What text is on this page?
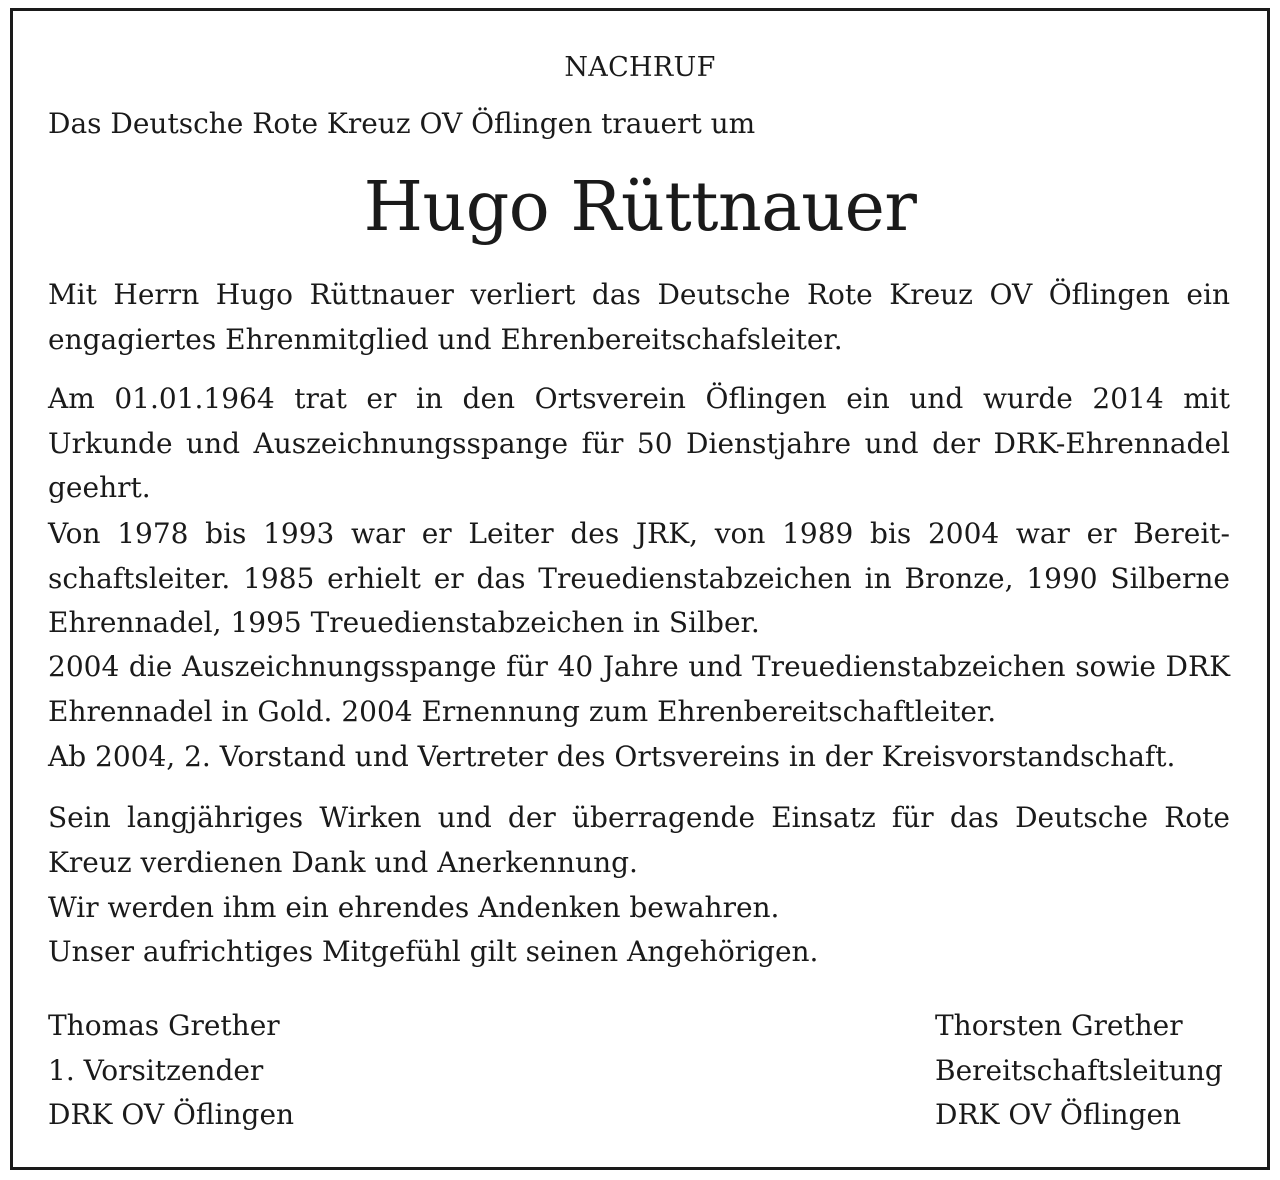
NACHRUF
Das Deutsche Rote Kreuz OV Öflingen trauert um
Hugo Rüttnauer

Mit Herrn Hugo Rüttnauer verliert das Deutsche Rote Kreuz OV Öflingen ein engagiertes Ehrenmitglied und Ehrenbereitschafsleiter.

Am 01.01.1964 trat er in den Ortsverein Öflingen ein und wurde 2014 mit Urkunde und Auszeichnungsspange für 50 Dienstjahre und der DRK-Ehrennadel geehrt.

Von 1978 bis 1993 war er Leiter des JRK, von 1989 bis 2004 war er Bereitschaftsleiter. 1985 erhielt er das Treuedienstabzeichen in Bronze, 1990 Silberne Ehrennadel, 1995 Treuedienstabzeichen in Silber.

2004 die Auszeichnungsspange für 40 Jahre und Treuedienstabzeichen sowie DRK Ehrennadel in Gold. 2004 Ernennung zum Ehrenbereitschaftleiter.

Ab 2004, 2. Vorstand und Vertreter des Ortsvereins in der Kreisvorstandschaft.

Sein langjähriges Wirken und der überragende Einsatz für das Deutsche Rote Kreuz verdienen Dank und Anerkennung.

Wir werden ihm ein ehrendes Andenken bewahren.

Unser aufrichtiges Mitgefühl gilt seinen Angehörigen.

Thomas Grether
1. Vorsitzender
DRK OV Öflingen
Thorsten Grether
Bereitschaftsleitung
DRK OV Öflingen
